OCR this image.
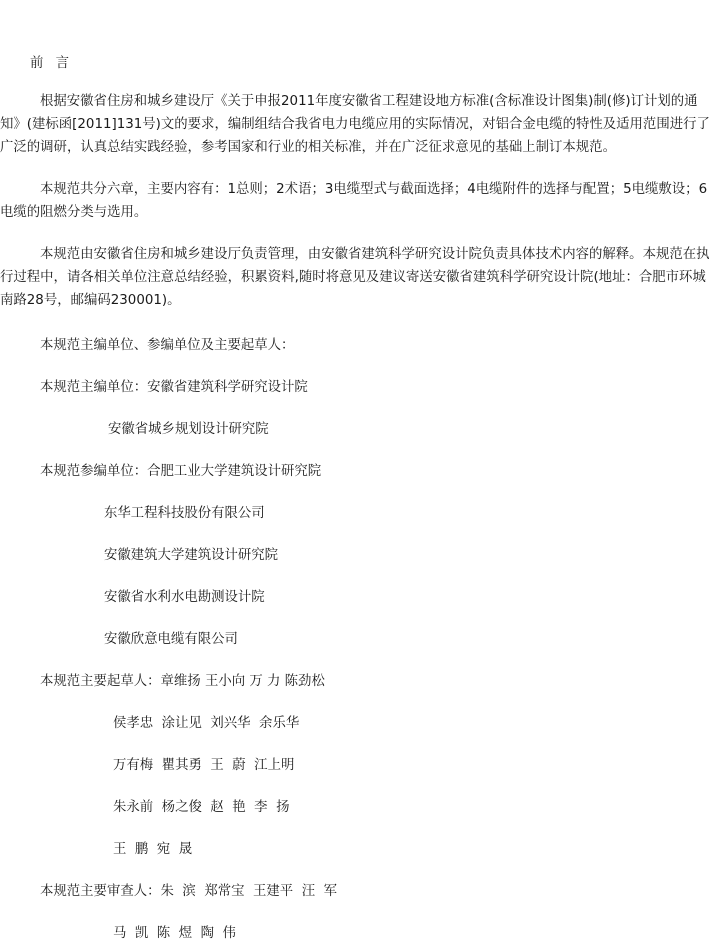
前 言

根据安徽省住房和城乡建设厅《关于申报2011年度安徽省工程建设地方标准(含标准设计图集)制(修)订计划的通知》(建标函[2011]131号)文的要求，编制组结合我省电力电缆应用的实际情况，对铝合金电缆的特性及适用范围进行了广泛的调研，认真总结实践经验，参考国家和行业的相关标准，并在广泛征求意见的基础上制订本规范。

本规范共分六章，主要内容有：1总则；2术语；3电缆型式与截面选择；4电缆附件的选择与配置；5电缆敷设；6电缆的阻燃分类与选用。

本规范由安徽省住房和城乡建设厅负责管理，由安徽省建筑科学研究设计院负责具体技术内容的解释。本规范在执行过程中，请各相关单位注意总结经验，积累资料,随时将意见及建议寄送安徽省建筑科学研究设计院(地址：合肥市环城南路28号，邮编码230001)。

本规范主编单位、参编单位及主要起草人：
本规范主编单位：安徽省建筑科学研究设计院
安徽省城乡规划设计研究院
本规范参编单位：合肥工业大学建筑设计研究院
东华工程科技股份有限公司
安徽建筑大学建筑设计研究院
安徽省水利水电勘测设计院
安徽欣意电缆有限公司
本规范主要起草人：章维扬 王小向 万 力 陈劲松
侯孝忠  涂让见  刘兴华  余乐华
万有梅  瞿其勇  王  蔚  江上明
朱永前  杨之俊  赵  艳  李  扬
王  鹏  宛  晟
本规范主要审查人：朱  滨  郑常宝  王建平  汪  军
马  凯  陈  煜  陶  伟
